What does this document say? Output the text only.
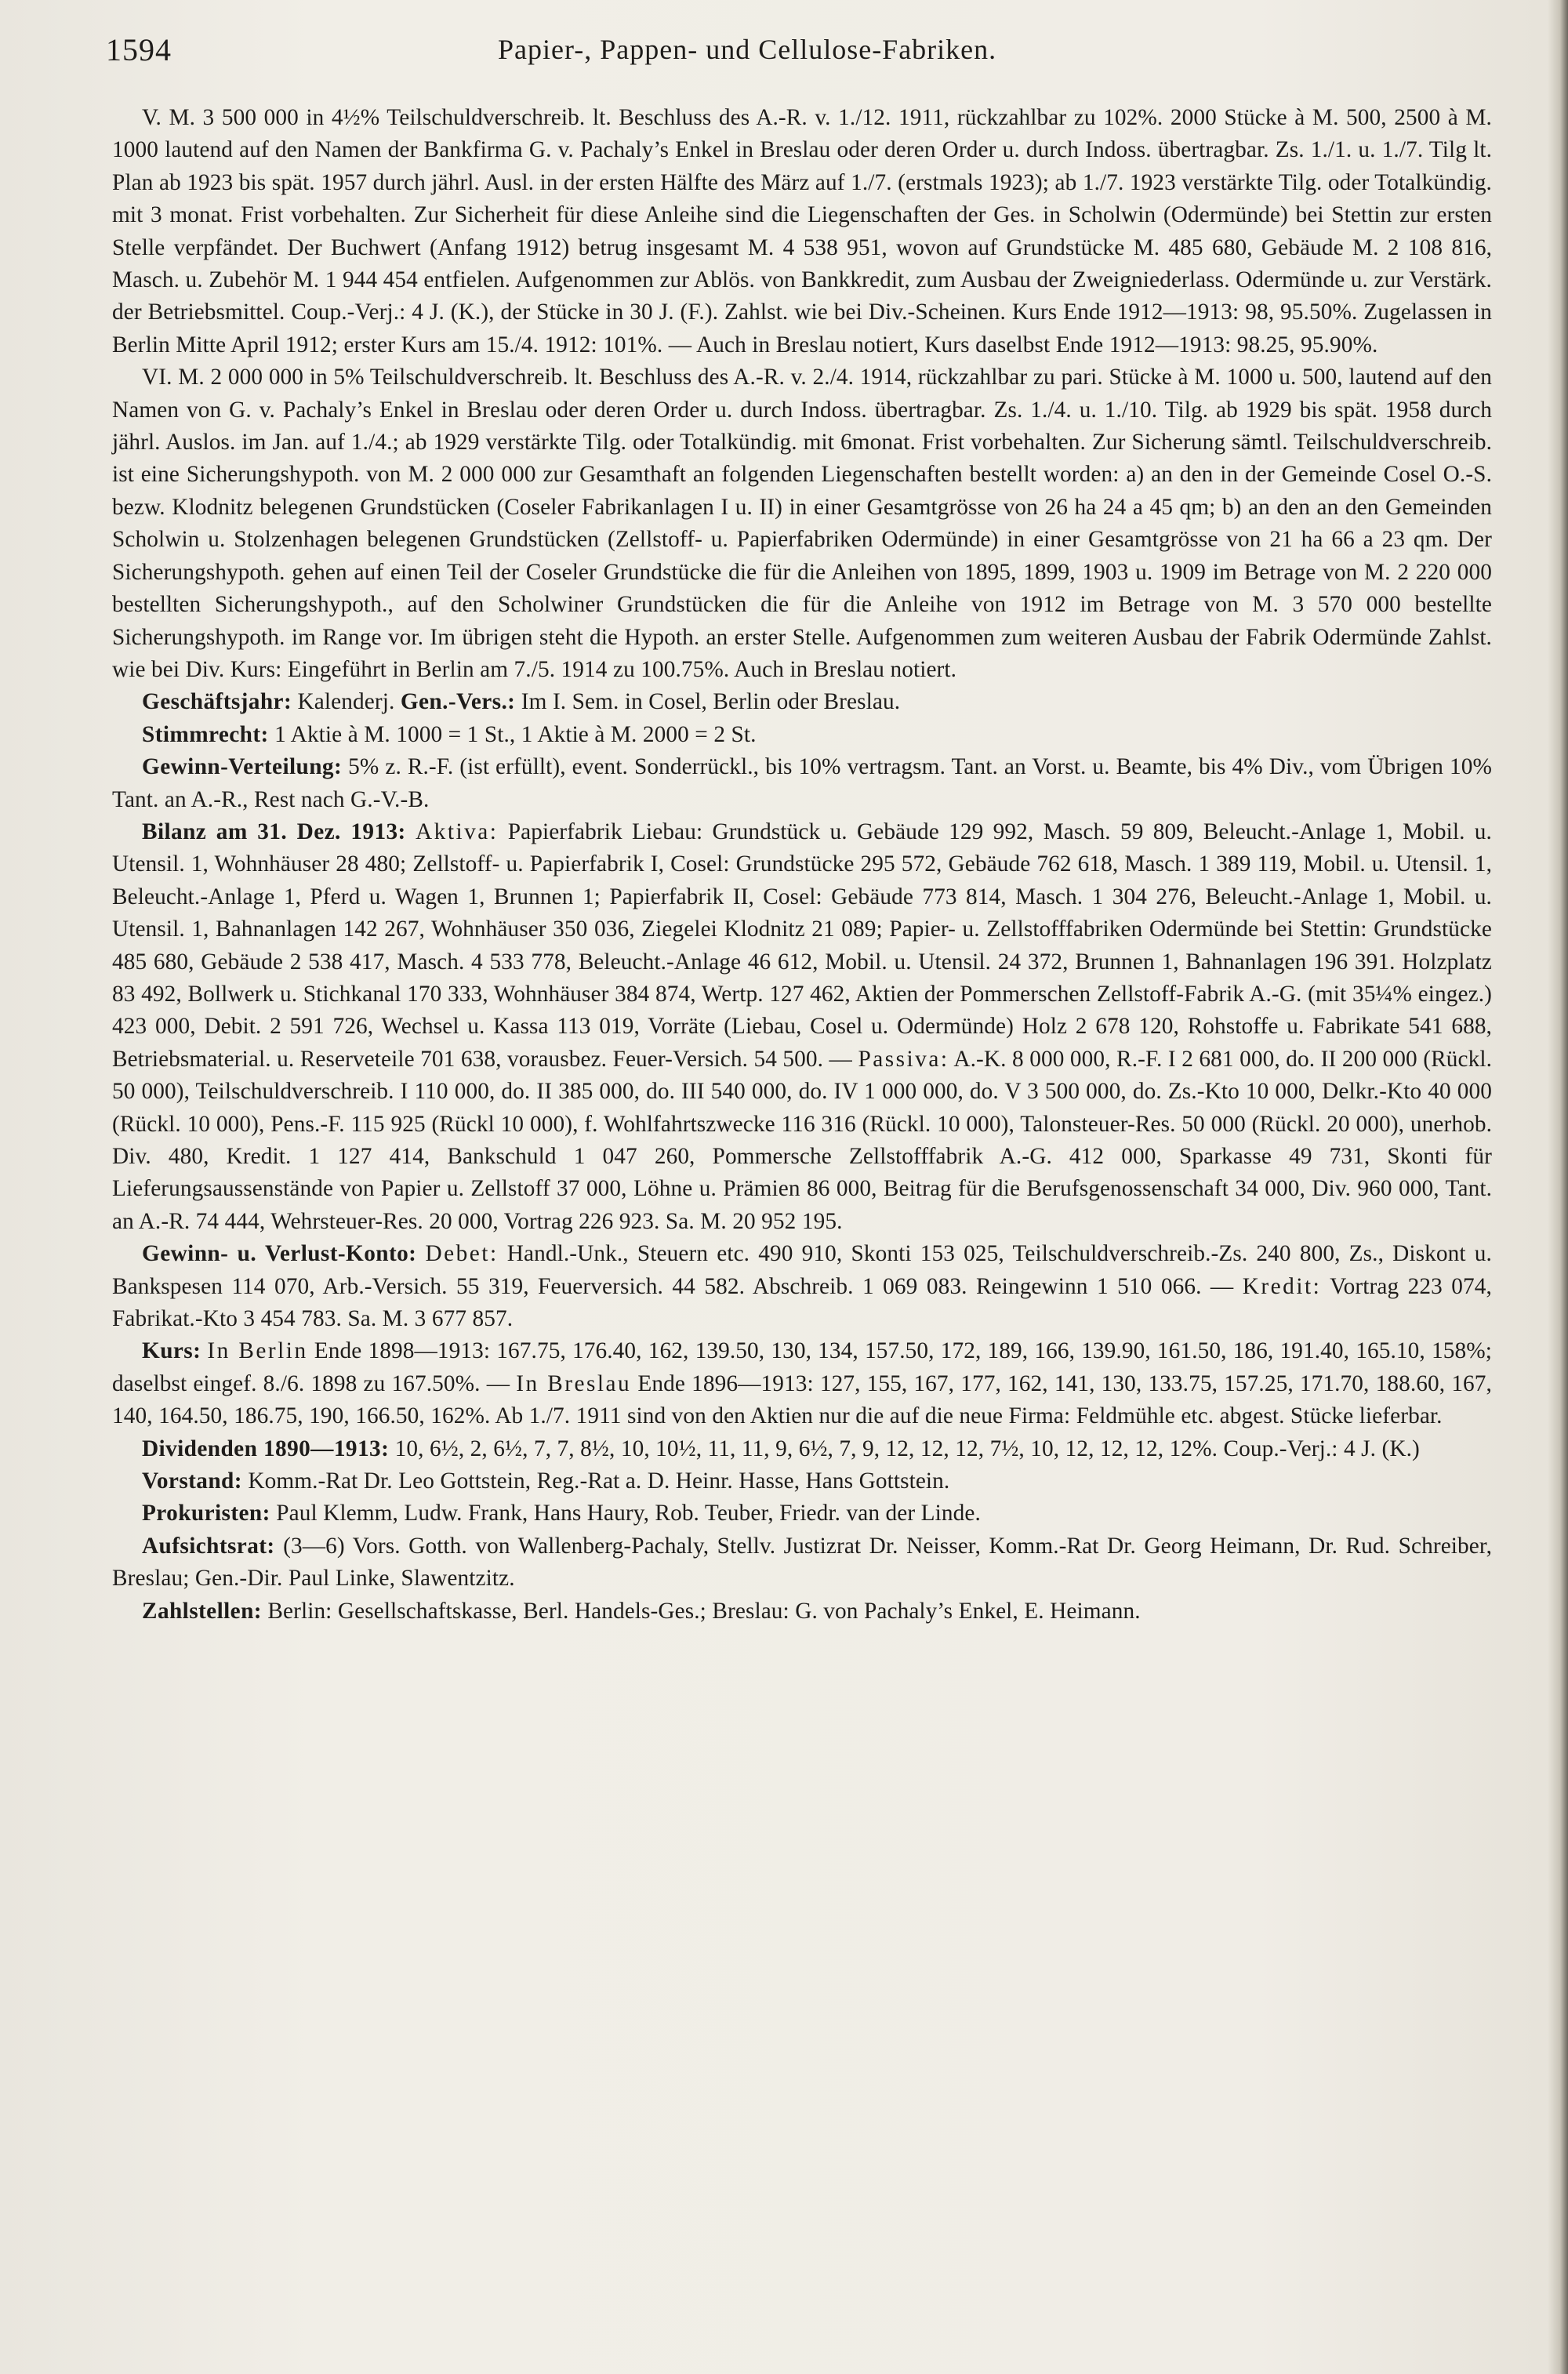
1594	Papier-, Pappen- und Cellulose-Fabriken.

V. M. 3 500 000 in 4½% Teilschuldverschreib. lt. Beschluss des A.-R. v. 1./12. 1911, rückzahlbar zu 102%. 2000 Stücke à M. 500, 2500 à M. 1000 lautend auf den Namen der Bankfirma G. v. Pachaly’s Enkel in Breslau oder deren Order u. durch Indoss. übertragbar. Zs. 1./1. u. 1./7. Tilg lt. Plan ab 1923 bis spät. 1957 durch jährl. Ausl. in der ersten Hälfte des März auf 1./7. (erstmals 1923); ab 1./7. 1923 verstärkte Tilg. oder Totalkündig. mit 3 monat. Frist vorbehalten. Zur Sicherheit für diese Anleihe sind die Liegenschaften der Ges. in Scholwin (Odermünde) bei Stettin zur ersten Stelle verpfändet. Der Buchwert (Anfang 1912) betrug insgesamt M. 4 538 951, wovon auf Grundstücke M. 485 680, Gebäude M. 2 108 816, Masch. u. Zubehör M. 1 944 454 entfielen. Aufgenommen zur Ablös. von Bankkredit, zum Ausbau der Zweigniederlass. Odermünde u. zur Verstärk. der Betriebsmittel. Coup.-Verj.: 4 J. (K.), der Stücke in 30 J. (F.). Zahlst. wie bei Div.-Scheinen. Kurs Ende 1912—1913: 98, 95.50%. Zugelassen in Berlin Mitte April 1912; erster Kurs am 15./4. 1912: 101%. — Auch in Breslau notiert, Kurs daselbst Ende 1912—1913: 98.25, 95.90%.

VI. M. 2 000 000 in 5% Teilschuldverschreib. lt. Beschluss des A.-R. v. 2./4. 1914, rückzahlbar zu pari. Stücke à M. 1000 u. 500, lautend auf den Namen von G. v. Pachaly’s Enkel in Breslau oder deren Order u. durch Indoss. übertragbar. Zs. 1./4. u. 1./10. Tilg. ab 1929 bis spät. 1958 durch jährl. Auslos. im Jan. auf 1./4.; ab 1929 verstärkte Tilg. oder Totalkündig. mit 6monat. Frist vorbehalten. Zur Sicherung sämtl. Teilschuldverschreib. ist eine Sicherungshypoth. von M. 2 000 000 zur Gesamthaft an folgenden Liegenschaften bestellt worden: a) an den in der Gemeinde Cosel O.-S. bezw. Klodnitz belegenen Grundstücken (Coseler Fabrikanlagen I u. II) in einer Gesamtgrösse von 26 ha 24 a 45 qm; b) an den an den Gemeinden Scholwin u. Stolzenhagen belegenen Grundstücken (Zellstoff- u. Papierfabriken Odermünde) in einer Gesamtgrösse von 21 ha 66 a 23 qm. Der Sicherungshypoth. gehen auf einen Teil der Coseler Grundstücke die für die Anleihen von 1895, 1899, 1903 u. 1909 im Betrage von M. 2 220 000 bestellten Sicherungshypoth., auf den Scholwiner Grundstücken die für die Anleihe von 1912 im Betrage von M. 3 570 000 bestellte Sicherungshypoth. im Range vor. Im übrigen steht die Hypoth. an erster Stelle. Aufgenommen zum weiteren Ausbau der Fabrik Odermünde Zahlst. wie bei Div. Kurs: Eingeführt in Berlin am 7./5. 1914 zu 100.75%. Auch in Breslau notiert.

Geschäftsjahr: Kalenderj. Gen.-Vers.: Im I. Sem. in Cosel, Berlin oder Breslau.

Stimmrecht: 1 Aktie à M. 1000 = 1 St., 1 Aktie à M. 2000 = 2 St.

Gewinn-Verteilung: 5% z. R.-F. (ist erfüllt), event. Sonderrückl., bis 10% vertragsm. Tant. an Vorst. u. Beamte, bis 4% Div., vom Übrigen 10% Tant. an A.-R., Rest nach G.-V.-B.

Bilanz am 31. Dez. 1913: Aktiva: Papierfabrik Liebau: Grundstück u. Gebäude 129 992, Masch. 59 809, Beleucht.-Anlage 1, Mobil. u. Utensil. 1, Wohnhäuser 28 480; Zellstoff- u. Papierfabrik I, Cosel: Grundstücke 295 572, Gebäude 762 618, Masch. 1 389 119, Mobil. u. Utensil. 1, Beleucht.-Anlage 1, Pferd u. Wagen 1, Brunnen 1; Papierfabrik II, Cosel: Gebäude 773 814, Masch. 1 304 276, Beleucht.-Anlage 1, Mobil. u. Utensil. 1, Bahnanlagen 142 267, Wohnhäuser 350 036, Ziegelei Klodnitz 21 089; Papier- u. Zellstofffabriken Odermünde bei Stettin: Grundstücke 485 680, Gebäude 2 538 417, Masch. 4 533 778, Beleucht.-Anlage 46 612, Mobil. u. Utensil. 24 372, Brunnen 1, Bahnanlagen 196 391. Holzplatz 83 492, Bollwerk u. Stichkanal 170 333, Wohnhäuser 384 874, Wertp. 127 462, Aktien der Pommerschen Zellstoff-Fabrik A.-G. (mit 35¼% eingez.) 423 000, Debit. 2 591 726, Wechsel u. Kassa 113 019, Vorräte (Liebau, Cosel u. Odermünde) Holz 2 678 120, Rohstoffe u. Fabrikate 541 688, Betriebsmaterial. u. Reserveteile 701 638, vorausbez. Feuer-Versich. 54 500. — Passiva: A.-K. 8 000 000, R.-F. I 2 681 000, do. II 200 000 (Rückl. 50 000), Teilschuldverschreib. I 110 000, do. II 385 000, do. III 540 000, do. IV 1 000 000, do. V 3 500 000, do. Zs.-Kto 10 000, Delkr.-Kto 40 000 (Rückl. 10 000), Pens.-F. 115 925 (Rückl 10 000), f. Wohlfahrtszwecke 116 316 (Rückl. 10 000), Talonsteuer-Res. 50 000 (Rückl. 20 000), unerhob. Div. 480, Kredit. 1 127 414, Bankschuld 1 047 260, Pommersche Zellstofffabrik A.-G. 412 000, Sparkasse 49 731, Skonti für Lieferungsaussenstände von Papier u. Zellstoff 37 000, Löhne u. Prämien 86 000, Beitrag für die Berufsgenossenschaft 34 000, Div. 960 000, Tant. an A.-R. 74 444, Wehrsteuer-Res. 20 000, Vortrag 226 923. Sa. M. 20 952 195.

Gewinn- u. Verlust-Konto: Debet: Handl.-Unk., Steuern etc. 490 910, Skonti 153 025, Teilschuldverschreib.-Zs. 240 800, Zs., Diskont u. Bankspesen 114 070, Arb.-Versich. 55 319, Feuerversich. 44 582. Abschreib. 1 069 083. Reingewinn 1 510 066. — Kredit: Vortrag 223 074, Fabrikat.-Kto 3 454 783. Sa. M. 3 677 857.

Kurs: In Berlin Ende 1898—1913: 167.75, 176.40, 162, 139.50, 130, 134, 157.50, 172, 189, 166, 139.90, 161.50, 186, 191.40, 165.10, 158%; daselbst eingef. 8./6. 1898 zu 167.50%. — In Breslau Ende 1896—1913: 127, 155, 167, 177, 162, 141, 130, 133.75, 157.25, 171.70, 188.60, 167, 140, 164.50, 186.75, 190, 166.50, 162%. Ab 1./7. 1911 sind von den Aktien nur die auf die neue Firma: Feldmühle etc. abgest. Stücke lieferbar.

Dividenden 1890—1913: 10, 6½, 2, 6½, 7, 7, 8½, 10, 10½, 11, 11, 9, 6½, 7, 9, 12, 12, 12, 7½, 10, 12, 12, 12, 12%. Coup.-Verj.: 4 J. (K.)

Vorstand: Komm.-Rat Dr. Leo Gottstein, Reg.-Rat a. D. Heinr. Hasse, Hans Gottstein.

Prokuristen: Paul Klemm, Ludw. Frank, Hans Haury, Rob. Teuber, Friedr. van der Linde.

Aufsichtsrat: (3—6) Vors. Gotth. von Wallenberg-Pachaly, Stellv. Justizrat Dr. Neisser, Komm.-Rat Dr. Georg Heimann, Dr. Rud. Schreiber, Breslau; Gen.-Dir. Paul Linke, Slawentzitz.

Zahlstellen: Berlin: Gesellschaftskasse, Berl. Handels-Ges.; Breslau: G. von Pachaly’s Enkel, E. Heimann.
